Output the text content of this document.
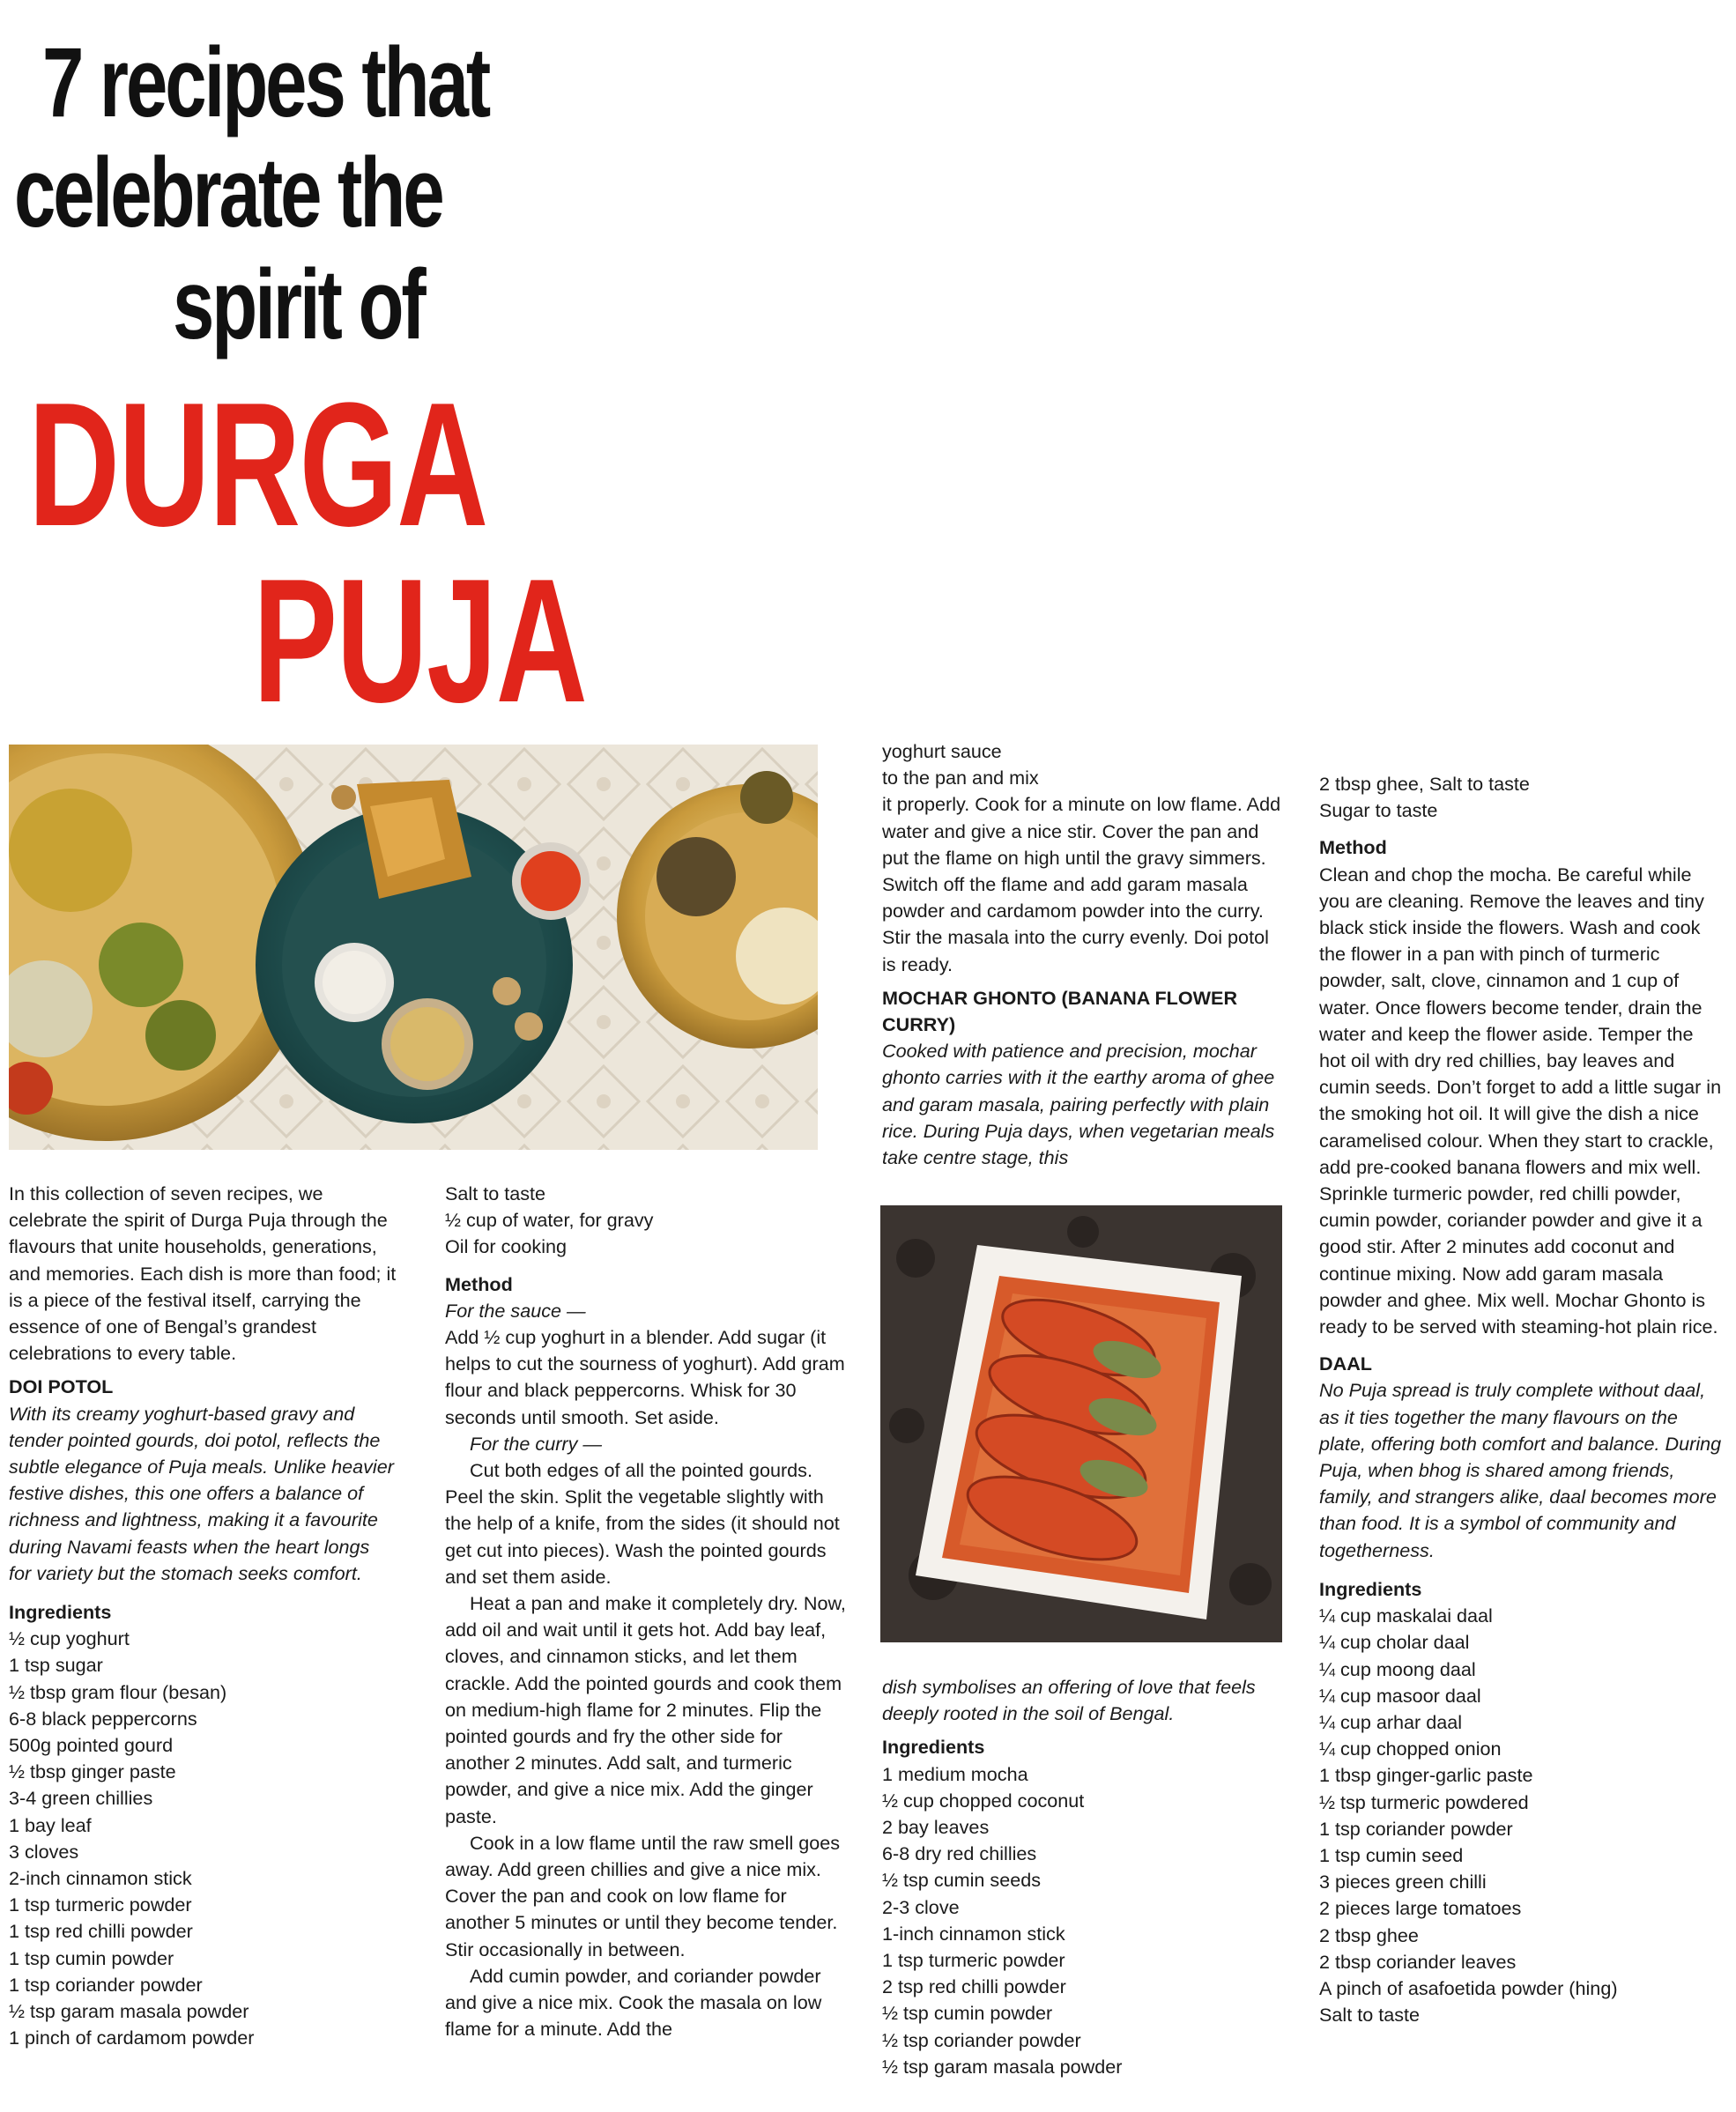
7 recipes that
celebrate the
spirit of
DURGA
PUJA

In this collection of seven recipes, we celebrate the spirit of Durga Puja through the flavours that unite households, generations, and memories. Each dish is more than food; it is a piece of the festival itself, carrying the essence of one of Bengal’s grandest celebrations to every table.

DOI POTOL

With its creamy yoghurt-based gravy and tender pointed gourds, doi potol, reflects the subtle elegance of Puja meals. Unlike heavier festive dishes, this one offers a balance of richness and lightness, making it a favourite during Navami feasts when the heart longs for variety but the stomach seeks comfort.

Ingredients
½ cup yoghurt
1 tsp sugar
½ tbsp gram flour (besan)
6-8 black peppercorns
500g pointed gourd
½ tbsp ginger paste
3-4 green chillies
1 bay leaf
3 cloves
2-inch cinnamon stick
1 tsp turmeric powder
1 tsp red chilli powder
1 tsp cumin powder
1 tsp coriander powder
½ tsp garam masala powder
1 pinch of cardamom powder
Salt to taste
½ cup of water, for gravy
Oil for cooking
Method

For the sauce —

Add ½ cup yoghurt in a blender. Add sugar (it helps to cut the sourness of yoghurt). Add gram flour and black peppercorns. Whisk for 30 seconds until smooth. Set aside.

For the curry —

Cut both edges of all the pointed gourds. Peel the skin. Split the vegetable slightly with the help of a knife, from the sides (it should not get cut into pieces). Wash the pointed gourds and set them aside.

Heat a pan and make it completely dry. Now, add oil and wait until it gets hot. Add bay leaf, cloves, and cinnamon sticks, and let them crackle. Add the pointed gourds and cook them on medium-high flame for 2 minutes. Flip the pointed gourds and fry the other side for another 2 minutes. Add salt, and turmeric powder, and give a nice mix. Add the ginger paste.

Cook in a low flame until the raw smell goes away. Add green chillies and give a nice mix. Cover the pan and cook on low flame for another 5 minutes or until they become tender. Stir occasionally in between.

Add cumin powder, and coriander powder and give a nice mix. Cook the masala on low flame for a minute. Add the

yoghurt sauce

to the pan and mix

it properly. Cook for a minute on low flame. Add water and give a nice stir. Cover the pan and put the flame on high until the gravy simmers. Switch off the flame and add garam masala powder and cardamom powder into the curry. Stir the masala into the curry evenly. Doi potol is ready.

MOCHAR GHONTO (BANANA FLOWER CURRY)

Cooked with patience and precision, mochar ghonto carries with it the earthy aroma of ghee and garam masala, pairing perfectly with plain rice. During Puja days, when vegetarian meals take centre stage, this

dish symbolises an offering of love that feels deeply rooted in the soil of Bengal.

Ingredients
1 medium mocha
½ cup chopped coconut
2 bay leaves
6-8 dry red chillies
½ tsp cumin seeds
2-3 clove
1-inch cinnamon stick
1 tsp turmeric powder
2 tsp red chilli powder
½ tsp cumin powder
½ tsp coriander powder
½ tsp garam masala powder
2 tbsp ghee, Salt to taste
Sugar to taste
Method

Clean and chop the mocha. Be careful while you are cleaning. Remove the leaves and tiny black stick inside the flowers. Wash and cook the flower in a pan with pinch of turmeric powder, salt, clove, cinnamon and 1 cup of water. Once flowers become tender, drain the water and keep the flower aside. Temper the hot oil with dry red chillies, bay leaves and cumin seeds. Don’t forget to add a little sugar in the smoking hot oil. It will give the dish a nice caramelised colour. When they start to crackle, add pre-cooked banana flowers and mix well. Sprinkle turmeric powder, red chilli powder, cumin powder, coriander powder and give it a good stir. After 2 minutes add coconut and continue mixing. Now add garam masala powder and ghee. Mix well. Mochar Ghonto is ready to be served with steaming-hot plain rice.

DAAL

No Puja spread is truly complete without daal, as it ties together the many flavours on the plate, offering both comfort and balance. During Puja, when bhog is shared among friends, family, and strangers alike, daal becomes more than food. It is a symbol of community and togetherness.

Ingredients
¼ cup maskalai daal
¼ cup cholar daal
¼ cup moong daal
¼ cup masoor daal
¼ cup arhar daal
¼ cup chopped onion
1 tbsp ginger-garlic paste
½ tsp turmeric powdered
1 tsp coriander powder
1 tsp cumin seed
3 pieces green chilli
2 pieces large tomatoes
2 tbsp ghee
2 tbsp coriander leaves
A pinch of asafoetida powder (hing)
Salt to taste
